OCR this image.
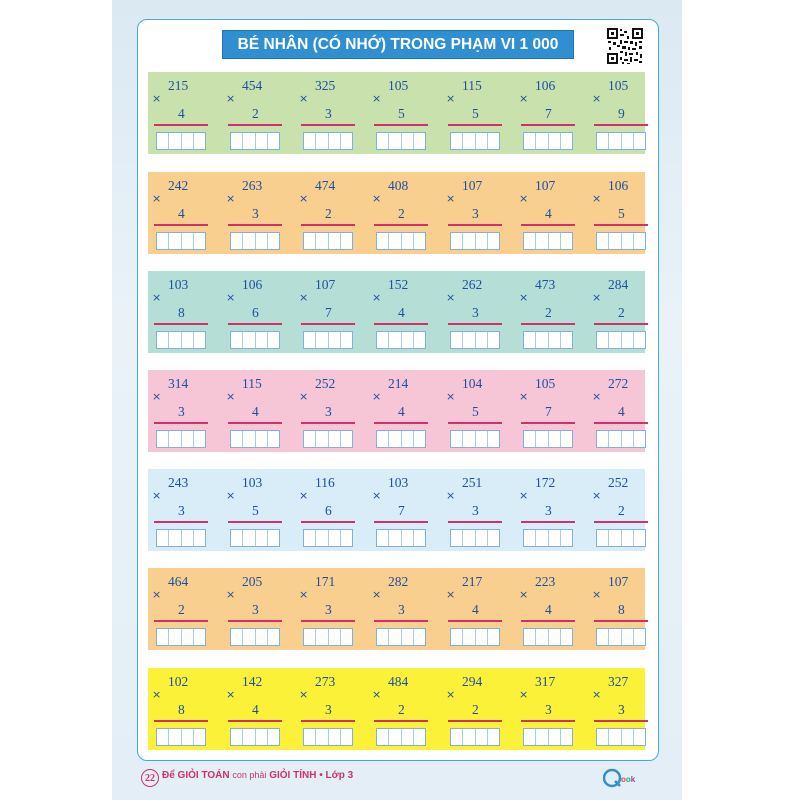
BÉ NHÂN (CÓ NHỚ) TRONG PHẠM VI 1 000
215
×
4
454
×
2
325
×
3
105
×
5
115
×
5
106
×
7
105
×
9
242
×
4
263
×
3
474
×
2
408
×
2
107
×
3
107
×
4
106
×
5
103
×
8
106
×
6
107
×
7
152
×
4
262
×
3
473
×
2
284
×
2
314
×
3
115
×
4
252
×
3
214
×
4
104
×
5
105
×
7
272
×
4
243
×
3
103
×
5
116
×
6
103
×
7
251
×
3
172
×
3
252
×
2
464
×
2
205
×
3
171
×
3
282
×
3
217
×
4
223
×
4
107
×
8
102
×
8
142
×
4
273
×
3
484
×
2
294
×
2
317
×
3
327
×
3
22 Để GIỎI TOÁN con phải GIỎI TÍNH • Lớp 3	ook
